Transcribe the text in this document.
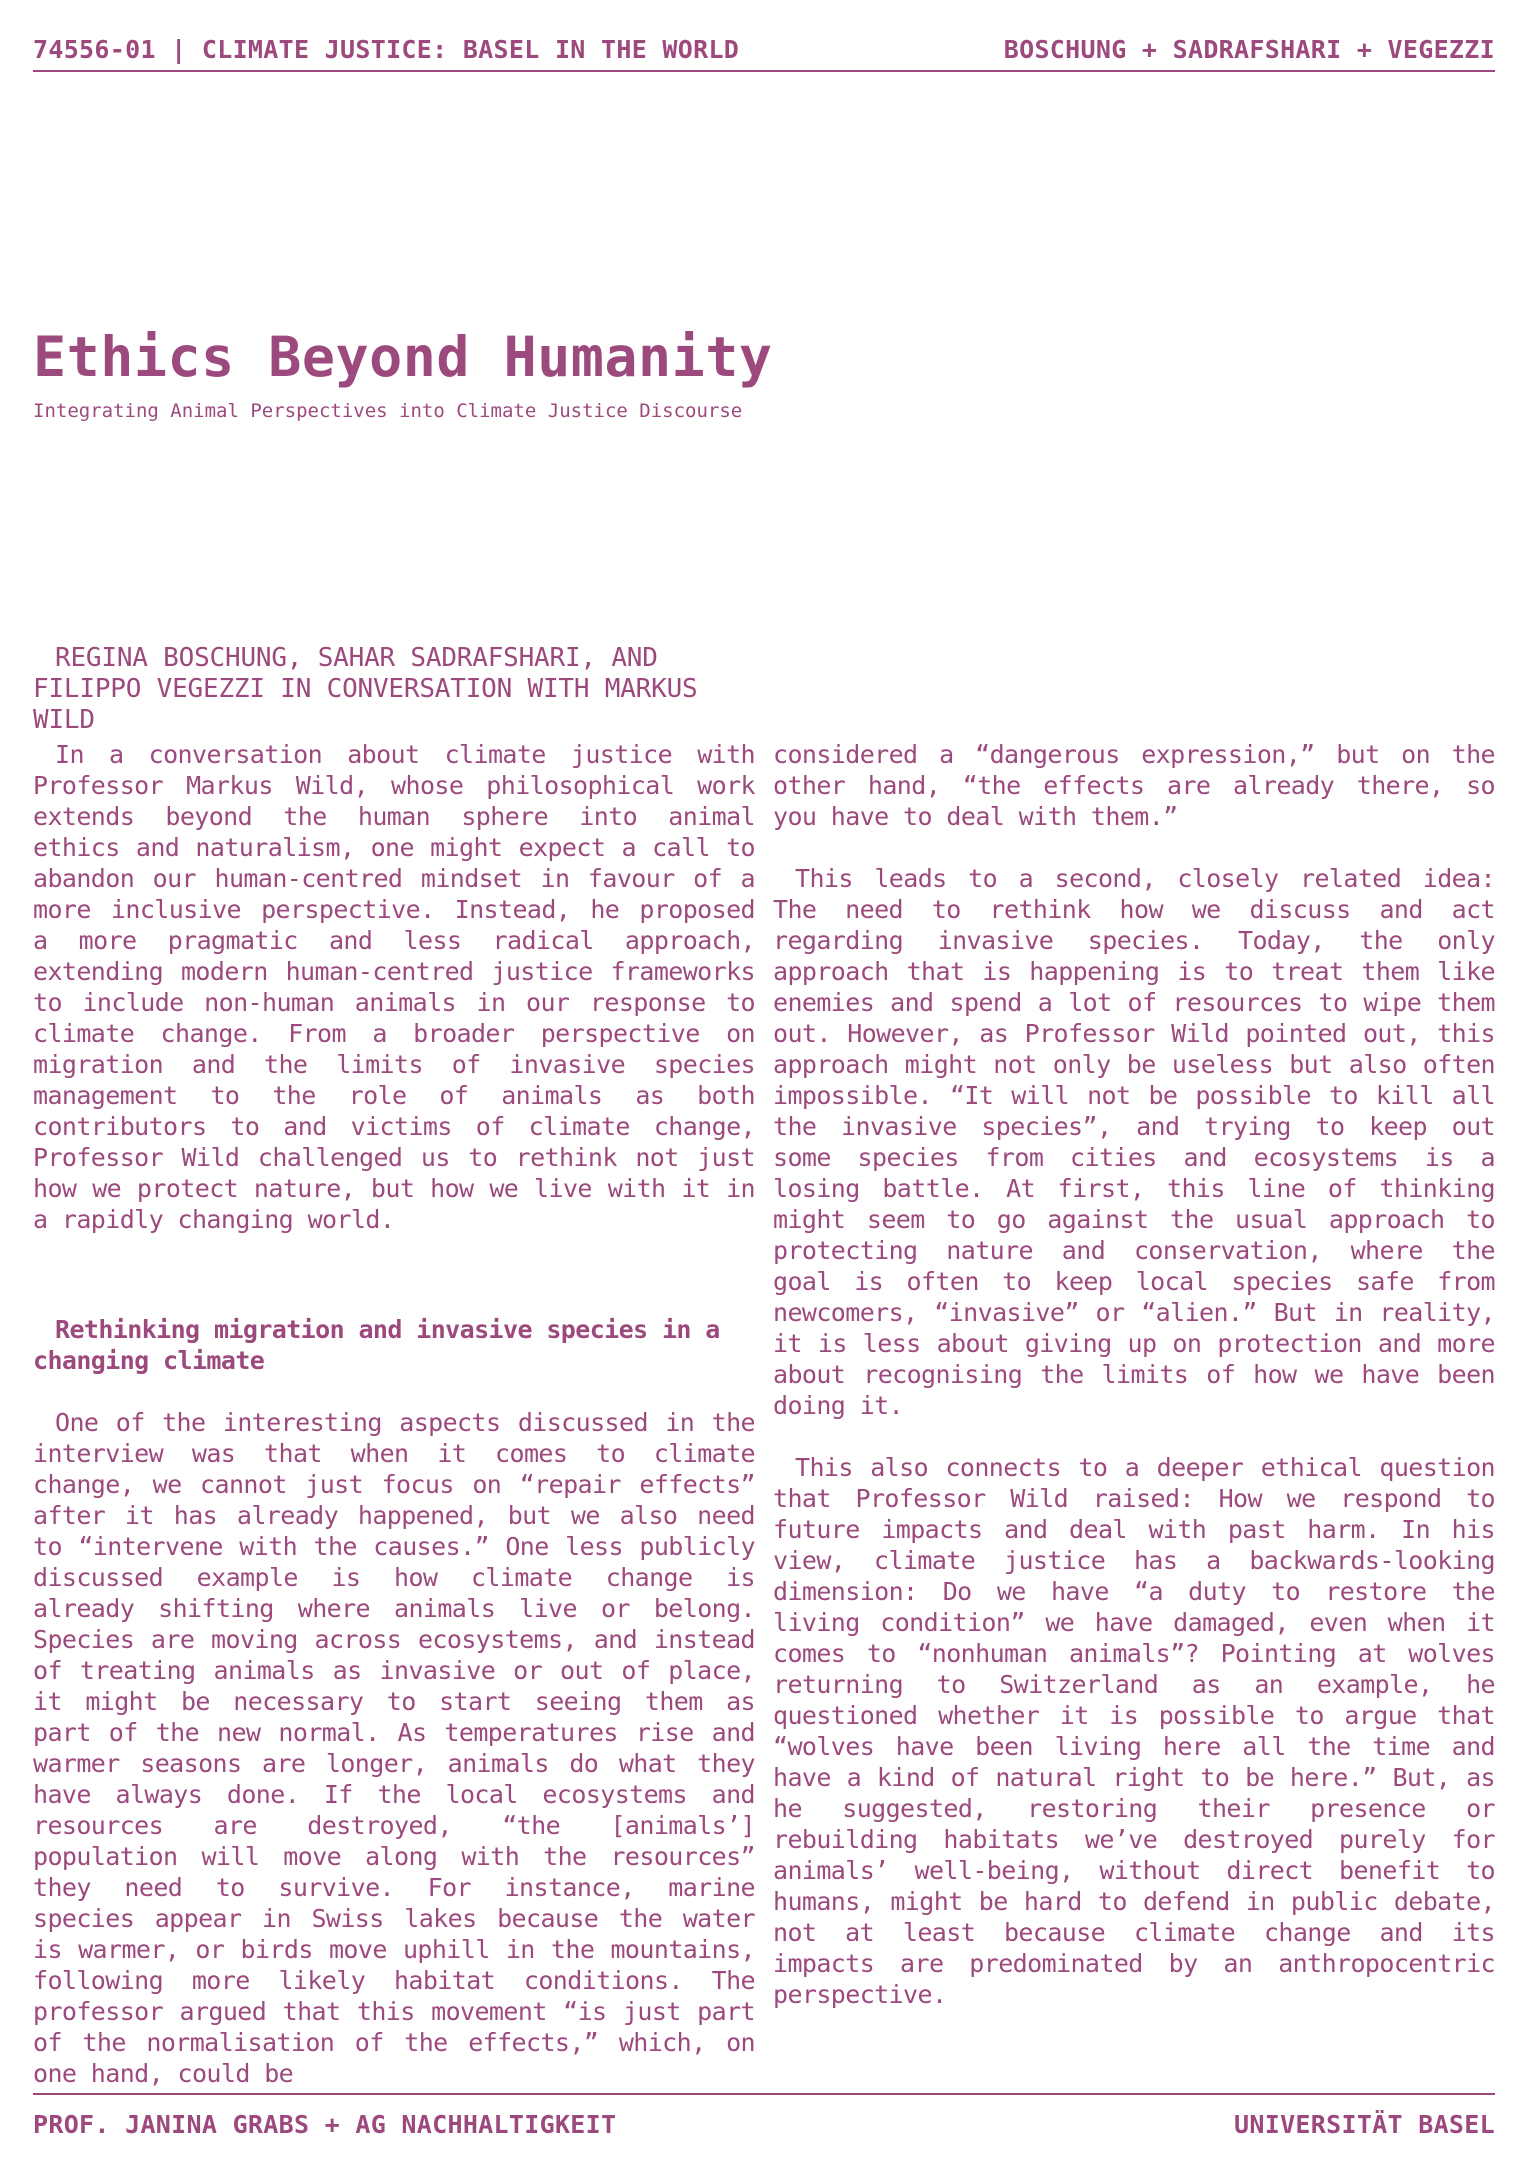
74556-01 | CLIMATE JUSTICE: BASEL IN THE WORLD	BOSCHUNG + SADRAFSHARI + VEGEZZI
Ethics Beyond Humanity

Integrating Animal Perspectives into Climate Justice Discourse

REGINA BOSCHUNG, SAHAR SADRAFSHARI, AND FILIPPO VEGEZZI IN CONVERSATION WITH MARKUS WILD

In a conversation about climate justice with Professor Markus Wild, whose philosophical work extends beyond the human sphere into animal ethics and naturalism, one might expect a call to abandon our human-centred mindset in favour of a more inclusive perspective. Instead, he proposed a more pragmatic and less radical approach, extending modern human-centred justice frameworks to include non-human animals in our response to climate change. From a broader perspective on migration and the limits of invasive species management to the role of animals as both contributors to and victims of climate change, Professor Wild challenged us to rethink not just how we protect nature, but how we live with it in a rapidly changing world.

Rethinking migration and invasive species in a changing climate

One of the interesting aspects discussed in the interview was that when it comes to climate change, we cannot just focus on “repair effects” after it has already happened, but we also need to “intervene with the causes.” One less publicly discussed example is how climate change is already shifting where animals live or belong. Species are moving across ecosystems, and instead of treating animals as invasive or out of place, it might be necessary to start seeing them as part of the new normal. As temperatures rise and warmer seasons are longer, animals do what they have always done. If the local ecosystems and resources are destroyed, “the [animals’] population will move along with the resources” they need to survive. For instance, marine species appear in Swiss lakes because the water is warmer, or birds move uphill in the mountains, following more likely habitat conditions. The professor argued that this movement “is just part of the normalisation of the effects,” which, on one hand, could be

considered a “dangerous expression,” but on the other hand, “the effects are already there, so you have to deal with them.”

This leads to a second, closely related idea: The need to rethink how we discuss and act regarding invasive species. Today, the only approach that is happening is to treat them like enemies and spend a lot of resources to wipe them out. However, as Professor Wild pointed out, this approach might not only be useless but also often impossible. “It will not be possible to kill all the invasive species”, and trying to keep out some species from cities and ecosystems is a losing battle. At first, this line of thinking might seem to go against the usual approach to protecting nature and conservation, where the goal is often to keep local species safe from newcomers, “invasive” or “alien.” But in reality, it is less about giving up on protection and more about recognising the limits of how we have been doing it.

This also connects to a deeper ethical question that Professor Wild raised: How we respond to future impacts and deal with past harm. In his view, climate justice has a backwards-looking dimension: Do we have “a duty to restore the living condition” we have damaged, even when it comes to “nonhuman animals”? Pointing at wolves returning to Switzerland as an example, he questioned whether it is possible to argue that “wolves have been living here all the time and have a kind of natural right to be here.” But, as he suggested, restoring their presence or rebuilding habitats we’ve destroyed purely for animals’ well-being, without direct benefit to humans, might be hard to defend in public debate, not at least because climate change and its impacts are predominated by an anthropocentric perspective.

PROF. JANINA GRABS + AG NACHHALTIGKEIT	UNIVERSITÄT BASEL
